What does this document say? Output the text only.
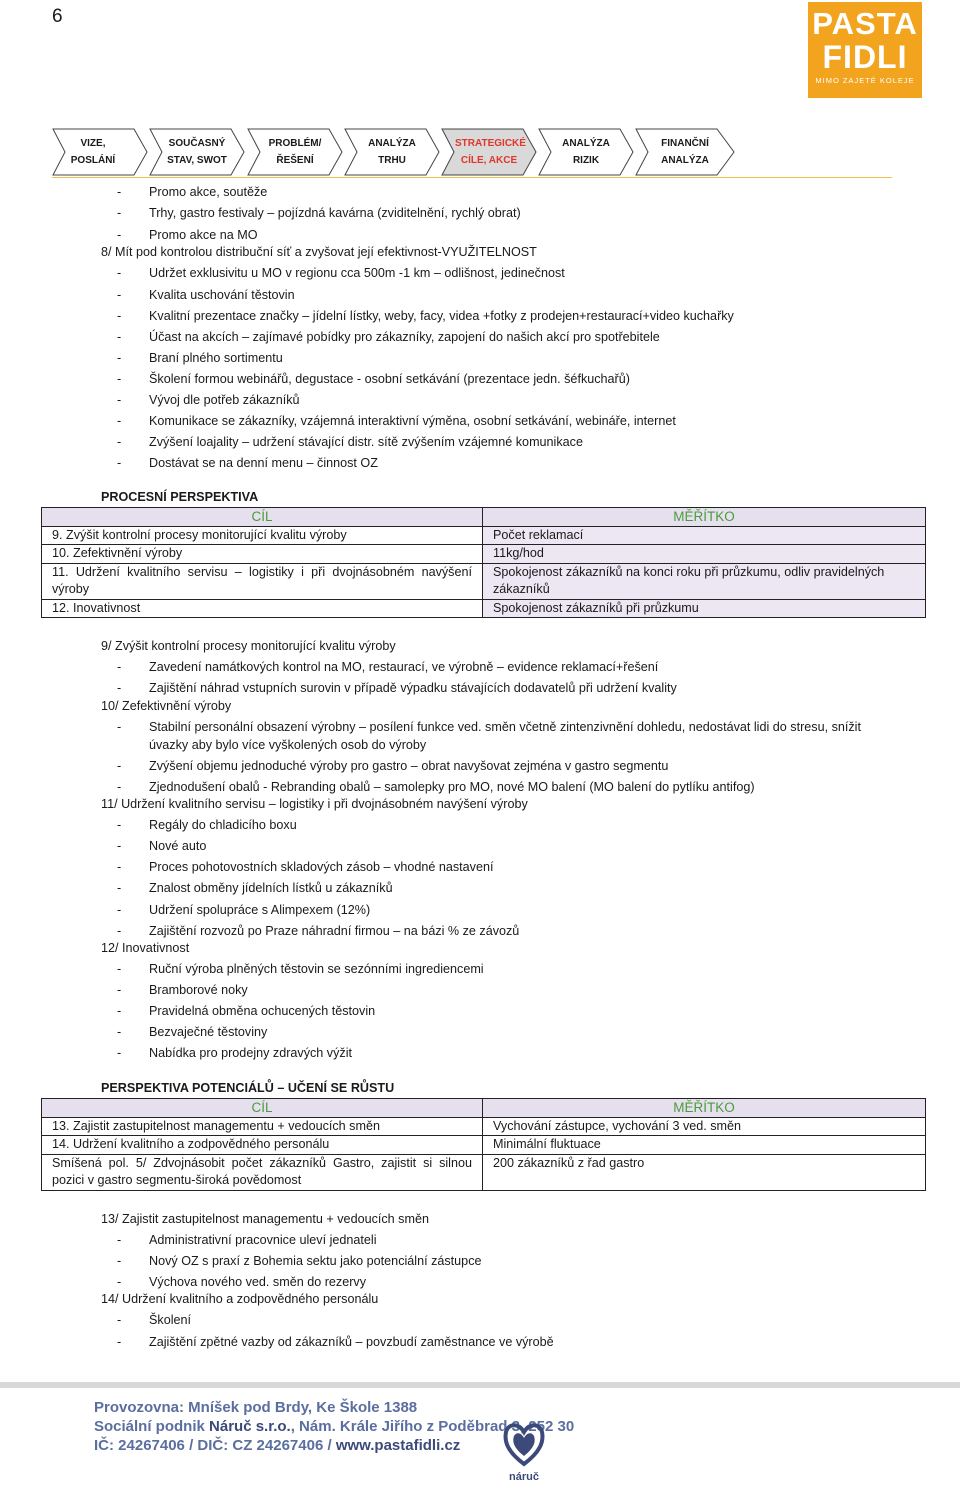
6	PASTA
FIDLI
MIMO ZAJETÉ KOLEJE
VIZE,
POSLÁNÍ
SOUČASNÝ
STAV, SWOT
PROBLÉM/
ŘEŠENÍ
ANALÝZA
TRHU
STRATEGICKÉ
CÍLE, AKCE
ANALÝZA
RIZIK
FINANČNÍ
ANALÝZA
- Promo akce, soutěže
- Trhy, gastro festivaly – pojízdná kavárna (zviditelnění, rychlý obrat)
- Promo akce na MO
8/ Mít pod kontrolou distribuční síť a zvyšovat její efektivnost-VYUŽITELNOST
- Udržet exklusivitu u MO v regionu cca 500m -1 km – odlišnost, jedinečnost
- Kvalita uschování těstovin
- Kvalitní prezentace značky – jídelní lístky, weby, facy, videa +fotky z prodejen+restaurací+video kuchařky
- Účast na akcích – zajímavé pobídky pro zákazníky, zapojení do našich akcí pro spotřebitele
- Braní plného sortimentu
- Školení formou webinářů, degustace - osobní setkávání (prezentace jedn. šéfkuchařů)
- Vývoj dle potřeb zákazníků
- Komunikace se zákazníky, vzájemná interaktivní výměna, osobní setkávání, webináře, internet
- Zvýšení loajality – udržení stávající distr. sítě zvýšením vzájemné komunikace
- Dostávat se na denní menu – činnost OZ
PROCESNÍ PERSPEKTIVA
CÍL	MĚŘÍTKO
9. Zvýšit kontrolní procesy monitorující kvalitu výroby	Počet reklamací
10. Zefektivnění výroby	11kg/hod
11. Udržení kvalitního servisu – logistiky i při dvojnásobném navýšení výroby	Spokojenost zákazníků na konci roku při průzkumu, odliv pravidelných zákazníků
12. Inovativnost	Spokojenost zákazníků při průzkumu
9/ Zvýšit kontrolní procesy monitorující kvalitu výroby
- Zavedení namátkových kontrol na MO, restaurací, ve výrobně – evidence reklamací+řešení
- Zajištění náhrad vstupních surovin v případě výpadku stávajících dodavatelů při udržení kvality
10/ Zefektivnění výroby
- Stabilní personální obsazení výrobny – posílení funkce ved. směn včetně zintenzivnění dohledu, nedostávat lidi do stresu, snížit
úvazky aby bylo více vyškolených osob do výroby
- Zvýšení objemu jednoduché výroby pro gastro – obrat navyšovat zejména v gastro segmentu
- Zjednodušení obalů - Rebranding obalů – samolepky pro MO, nové MO balení (MO balení do pytlíku antifog)
11/ Udržení kvalitního servisu – logistiky i při dvojnásobném navýšení výroby
- Regály do chladicího boxu
- Nové auto
- Proces pohotovostních skladových zásob – vhodné nastavení
- Znalost obměny jídelních lístků u zákazníků
- Udržení spolupráce s Alimpexem (12%)
- Zajištění rozvozů po Praze náhradní firmou – na bázi % ze závozů
12/ Inovativnost
- Ruční výroba plněných těstovin se sezónními ingrediencemi
- Bramborové noky
- Pravidelná obměna ochucených těstovin
- Bezvaječné těstoviny
- Nabídka pro prodejny zdravých výžit
PERSPEKTIVA POTENCIÁLŮ – UČENÍ SE RŮSTU
CÍL	MĚŘÍTKO
13. Zajistit zastupitelnost managementu + vedoucích směn	Vychování zástupce, vychování 3 ved. směn
14. Udržení kvalitního a zodpovědného personálu	Minimální fluktuace
Smíšená pol. 5/ Zdvojnásobit počet zákazníků Gastro, zajistit si silnou pozici v gastro segmentu-široká povědomost	200 zákazníků z řad gastro
13/ Zajistit zastupitelnost managementu + vedoucích směn
- Administrativní pracovnice uleví jednateli
- Nový OZ s praxí z Bohemia sektu jako potenciální zástupce
- Výchova nového ved. směn do rezervy
14/ Udržení kvalitního a zodpovědného personálu
- Školení
- Zajištění zpětné vazby od zákazníků – povzbudí zaměstnance ve výrobě
Provozovna: Mníšek pod Brdy, Ke Škole 1388
Sociální podnik Náruč s.r.o., Nám. Krále Jiřího z Poděbrad 3, 252 30
IČ: 24267406 / DIČ: CZ 24267406 / www.pastafidli.cz
náruč
